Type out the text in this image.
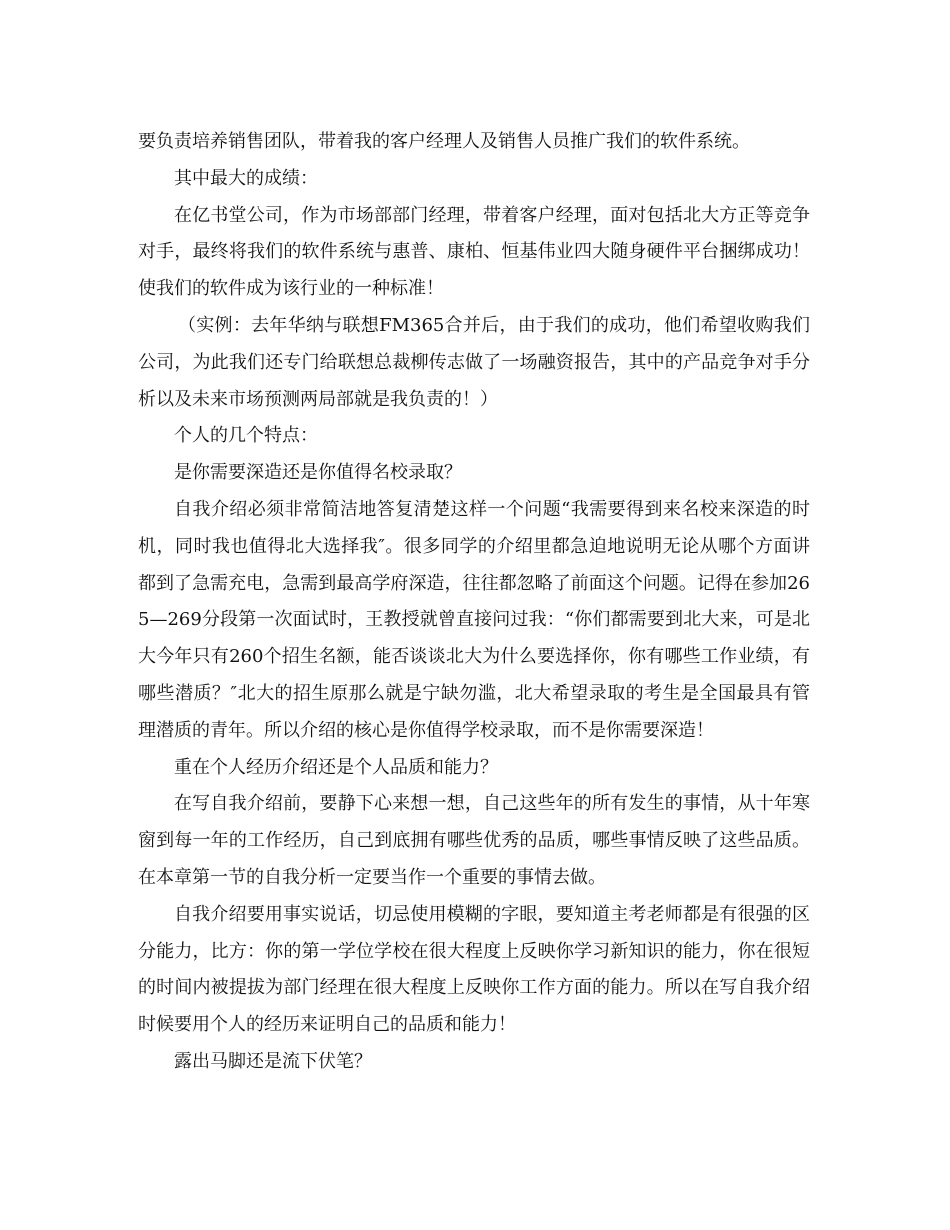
要负责培养销售团队，带着我的客户经理人及销售人员推广我们的软件系统。

其中最大的成绩：

在亿书堂公司，作为市场部部门经理，带着客户经理，面对包括北大方正等竞争对手，最终将我们的软件系统与惠普、康柏、恒基伟业四大随身硬件平台捆绑成功！使我们的软件成为该行业的一种标准！

（实例：去年华纳与联想FM365合并后，由于我们的成功，他们希望收购我们公司，为此我们还专门给联想总裁柳传志做了一场融资报告，其中的产品竞争对手分析以及未来市场预测两局部就是我负责的！）

个人的几个特点：

是你需要深造还是你值得名校录取？

自我介绍必须非常简洁地答复清楚这样一个问题“我需要得到来名校来深造的时机，同时我也值得北大选择我″。很多同学的介绍里都急迫地说明无论从哪个方面讲都到了急需充电，急需到最高学府深造，往往都忽略了前面这个问题。记得在参加265—269分段第一次面试时，王教授就曾直接问过我：“你们都需要到北大来，可是北大今年只有260个招生名额，能否谈谈北大为什么要选择你，你有哪些工作业绩，有哪些潜质？″北大的招生原那么就是宁缺勿滥，北大希望录取的考生是全国最具有管理潜质的青年。所以介绍的核心是你值得学校录取，而不是你需要深造！

重在个人经历介绍还是个人品质和能力？

在写自我介绍前，要静下心来想一想，自己这些年的所有发生的事情，从十年寒窗到每一年的工作经历，自己到底拥有哪些优秀的品质，哪些事情反映了这些品质。在本章第一节的自我分析一定要当作一个重要的事情去做。

自我介绍要用事实说话，切忌使用模糊的字眼，要知道主考老师都是有很强的区分能力，比方：你的第一学位学校在很大程度上反映你学习新知识的能力，你在很短的时间内被提拔为部门经理在很大程度上反映你工作方面的能力。所以在写自我介绍时候要用个人的经历来证明自己的品质和能力！

露出马脚还是流下伏笔？
